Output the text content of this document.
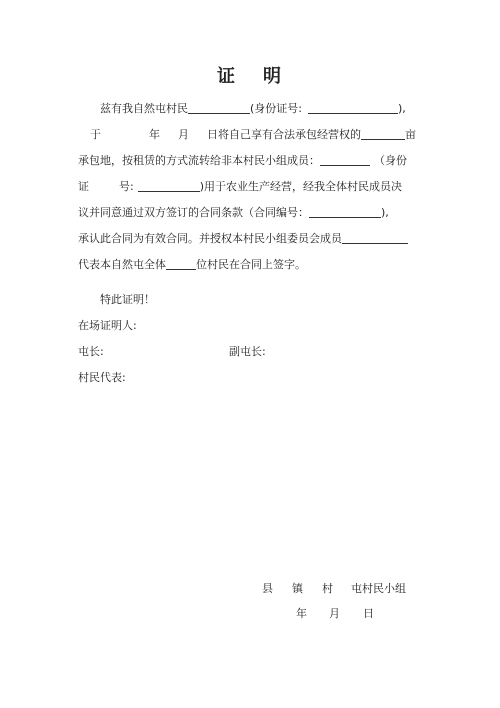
证 明
兹有我自然屯村民	(身份证号:	),
于	年 月 日将自己享有合法承包经营权的	亩
承包地，按租赁的方式流转给非本村民小组成员：	（身份
证	号:	)用于农业生产经营，经我全体村民成员决
议并同意通过双方签订的合同条款（合同编号：	),
承认此合同为有效合同。并授权本村民小组委员会成员
代表本自然屯全体	位村民在合同上签字。
特此证明！
在场证明人:
屯长:	副屯长:
村民代表:
县 镇 村 屯村民小组
年 月 日
